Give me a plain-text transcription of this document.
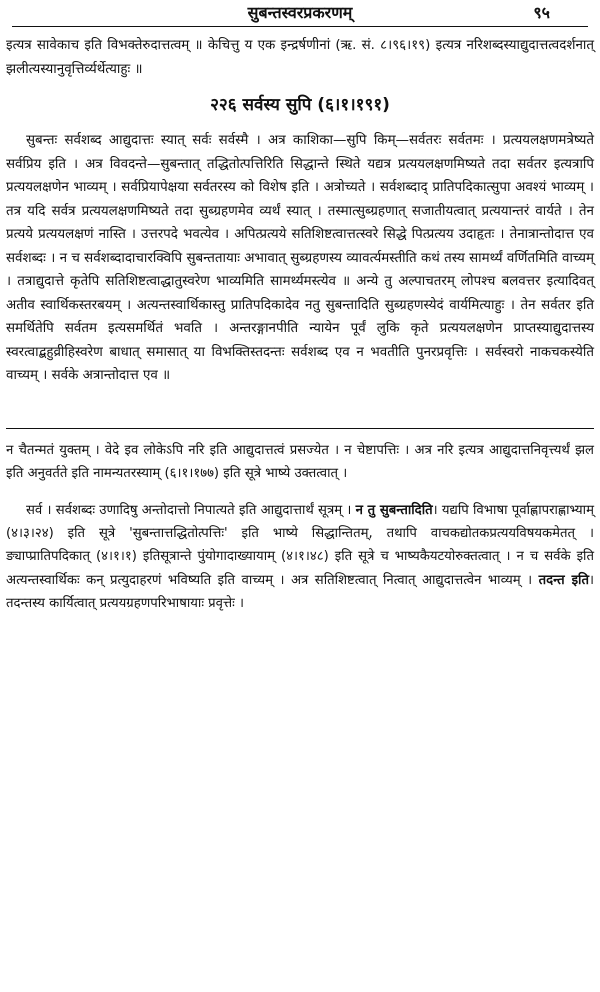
सुबन्तस्वरप्रकरणम्	९५

इत्यत्र सावेकाच इति विभक्तेरुदात्तत्वम् ॥ केचित्तु य एक इन्द्रर्षणीनां (ऋ. सं. ८।९६।१९) इत्यत्र नरिशब्दस्याद्युदात्तत्वदर्शनात् झलीत्यस्यानुवृत्तिर्व्यर्थेत्याहुः ॥

२२६ सर्वस्य सुपि (६।१।१९१)

सुबन्तः सर्वशब्द आद्युदात्तः स्यात् सर्वः सर्वस्मै । अत्र काशिका—सुपि किम्—सर्वतरः सर्वतमः । प्रत्ययलक्षणमत्रेष्यते सर्वप्रिय इति । अत्र विवदन्ते—सुबन्तात् तद्धितोत्पत्तिरिति सिद्धान्ते स्थिते यद्यत्र प्रत्ययलक्षणमिष्यते तदा सर्वतर इत्यत्रापि प्रत्ययलक्षणेन भाव्यम् । सर्वप्रियापेक्षया सर्वतरस्य को विशेष इति । अत्रोच्यते । सर्वशब्दाद् प्रातिपदिकात्सुपा अवश्यं भाव्यम् । तत्र यदि सर्वत्र प्रत्ययलक्षणमिष्यते तदा सुब्ग्रहणमेव व्यर्थं स्यात् । तस्मात्सुब्ग्रहणात् सजातीयत्वात् प्रत्ययान्तरं वार्यते । तेन प्रत्यये प्रत्ययलक्षणं नास्ति । उत्तरपदे भवत्येव । अपित्प्रत्यये सतिशिष्टत्वात्तत्स्वरे सिद्धे पित्प्रत्यय उदाहृतः । तेनात्रान्तोदात्त एव सर्वशब्दः । न च सर्वशब्दादाचारक्विपि सुबन्ततायाः अभावात् सुब्ग्रहणस्य व्यावर्त्यमस्तीति कथं तस्य सामर्थ्यं वर्णितमिति वाच्यम् । तत्राद्युदात्ते कृतेपि सतिशिष्टत्वाद्धातुस्वरेण भाव्यमिति सामर्थ्यमस्त्येव ॥ अन्ये तु अल्पाचतरम् लोपश्च बलवत्तर इत्यादिवत् अतीव स्वार्थिकस्तरबयम् । अत्यन्तस्वार्थिकास्तु प्रातिपदिकादेव नतु सुबन्तादिति सुब्ग्रहणस्येदं वार्यमित्याहुः । तेन सर्वतर इति समर्थितेपि सर्वतम इत्यसमर्थितं भवति । अन्तरङ्गानपीति न्यायेन पूर्वं लुकि कृते प्रत्ययलक्षणेन प्राप्तस्याद्युदात्तस्य स्वरत्वाद्बहुव्रीहिस्वरेण बाधात् समासात् या विभक्तिस्तदन्तः सर्वशब्द एव न भवतीति पुनरप्रवृत्तिः । सर्वस्वरो नाकचकस्येति वाच्यम् । सर्वके अत्रान्तोदात्त एव ॥

न चैतन्मतं युक्तम् । वेदे इव लोकेऽपि नरि इति आद्युदात्तत्वं प्रसज्येत । न चेष्टापत्तिः । अत्र नरि इत्यत्र आद्युदात्तनिवृत्त्यर्थं झल इति अनुवर्तते इति नामन्यतरस्याम् (६।१।१७७) इति सूत्रे भाष्ये उक्तत्वात् ।

सर्व । सर्वशब्दः उणादिषु अन्तोदात्तो निपात्यते इति आद्युदात्तार्थं सूत्रम् । न तु सुबन्तादिति। यद्यपि विभाषा पूर्वाह्णापराह्णाभ्याम् (४।३।२४) इति सूत्रे 'सुबन्तात्तद्धितोत्पत्तिः' इति भाष्ये सिद्धान्तितम्, तथापि वाचकद्योतकप्रत्ययविषयकमेतत् । ङ्याप्प्रातिपदिकात् (४।१।१) इतिसूत्रान्ते पुंयोगादाख्यायाम् (४।१।४८) इति सूत्रे च भाष्यकैयटयोरुक्तत्वात् । न च सर्वके इति अत्यन्तस्वार्थिकः कन् प्रत्युदाहरणं भविष्यति इति वाच्यम् । अत्र सतिशिष्टत्वात् नित्वात् आद्युदात्तत्वेन भाव्यम् । तदन्त इति। तदन्तस्य कार्यित्वात् प्रत्ययग्रहणपरिभाषायाः प्रवृत्तेः ।
